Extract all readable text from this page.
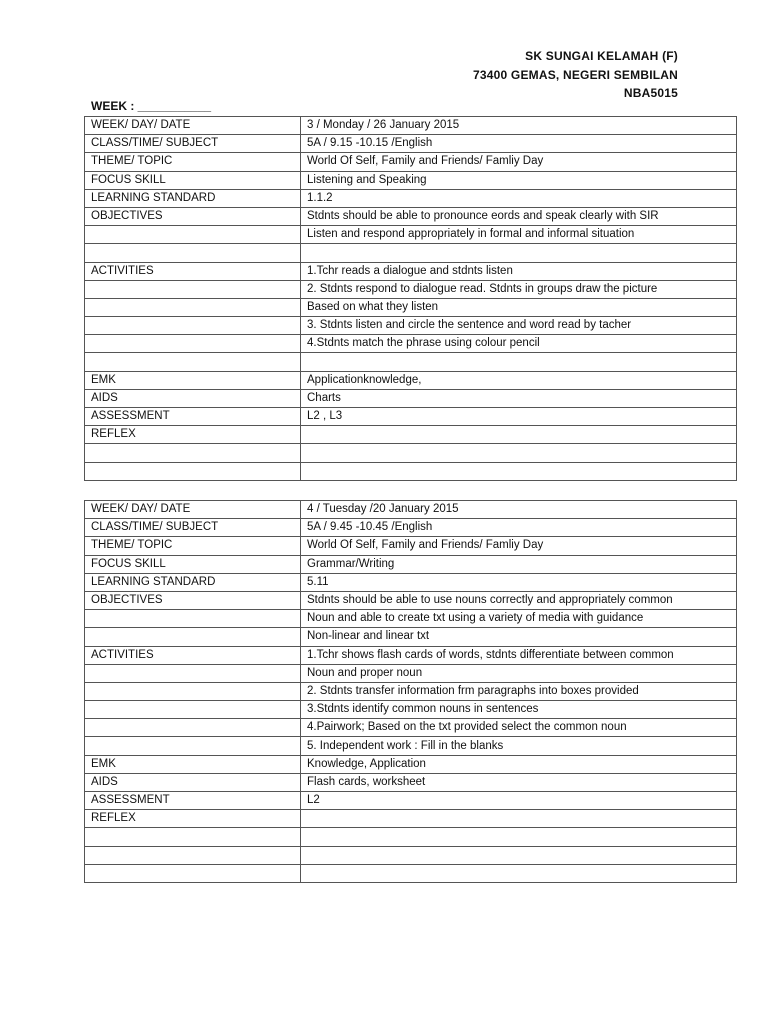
SK SUNGAI KELAMAH (F)
73400 GEMAS, NEGERI SEMBILAN
NBA5015
WEEK : ___________
WEEK/ DAY/ DATE	3 / Monday / 26 January 2015
CLASS/TIME/ SUBJECT	5A / 9.15 -10.15 /English
THEME/ TOPIC	World Of Self, Family and Friends/ Famliy Day
FOCUS SKILL	Listening and Speaking
LEARNING STANDARD	1.1.2
OBJECTIVES	Stdnts should be able to pronounce eords and speak clearly with SIR
	Listen and respond appropriately in formal and informal situation

ACTIVITIES	1.Tchr reads a dialogue and stdnts listen
	2. Stdnts respond to dialogue read. Stdnts in groups draw the picture
	Based on what they listen
	3. Stdnts listen and circle the sentence and word read by tacher
	4.Stdnts match the phrase using colour pencil

EMK	Applicationknowledge,
AIDS	Charts
ASSESSMENT	L2 , L3
REFLEX	

WEEK/ DAY/ DATE	4 / Tuesday /20 January 2015
CLASS/TIME/ SUBJECT	5A / 9.45 -10.45 /English
THEME/ TOPIC	World Of Self, Family and Friends/ Famliy Day
FOCUS SKILL	Grammar/Writing
LEARNING STANDARD	5.11
OBJECTIVES	Stdnts should be able to use nouns correctly and appropriately common
	Noun and able to create txt using a variety of media with guidance
	Non-linear and linear txt
ACTIVITIES	1.Tchr shows flash cards of words, stdnts differentiate between common
	Noun and proper noun
	2. Stdnts transfer information frm paragraphs into boxes provided
	3.Stdnts identify common nouns in sentences
	4.Pairwork; Based on the txt provided select the common noun
	5. Independent work : Fill in the blanks
EMK	Knowledge, Application
AIDS	Flash cards, worksheet
ASSESSMENT	L2
REFLEX	
